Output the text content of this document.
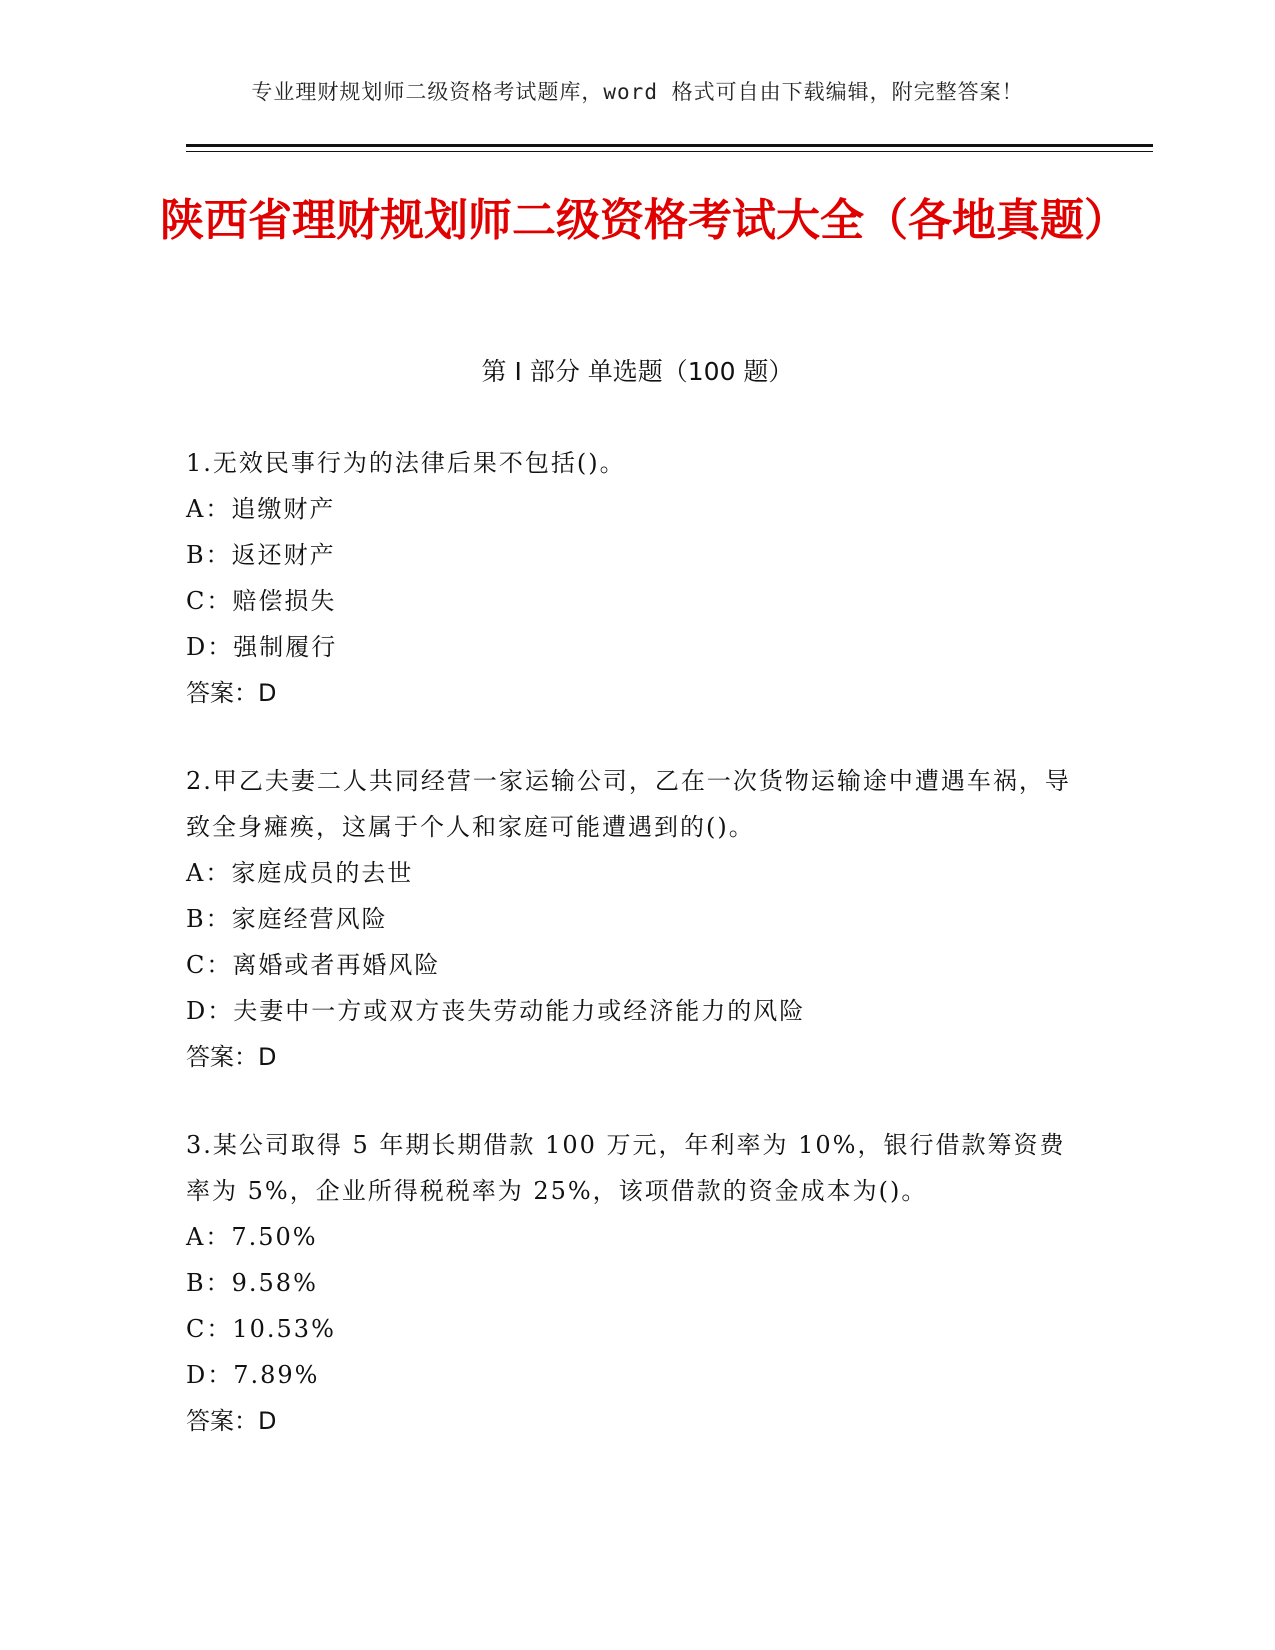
专业理财规划师二级资格考试题库，word 格式可自由下载编辑，附完整答案！
陕西省理财规划师二级资格考试大全（各地真题）
第 I 部分 单选题（100 题）

1.无效民事行为的法律后果不包括()。

A：追缴财产

B：返还财产

C：赔偿损失

D：强制履行

答案：D

2.甲乙夫妻二人共同经营一家运输公司，乙在一次货物运输途中遭遇车祸，导致全身瘫痪，这属于个人和家庭可能遭遇到的()。

A：家庭成员的去世

B：家庭经营风险

C：离婚或者再婚风险

D：夫妻中一方或双方丧失劳动能力或经济能力的风险

答案：D

3.某公司取得 5 年期长期借款 100 万元，年利率为 10%，银行借款筹资费率为 5%，企业所得税税率为 25%，该项借款的资金成本为()。

A：7.50%

B：9.58%

C：10.53%

D：7.89%

答案：D
